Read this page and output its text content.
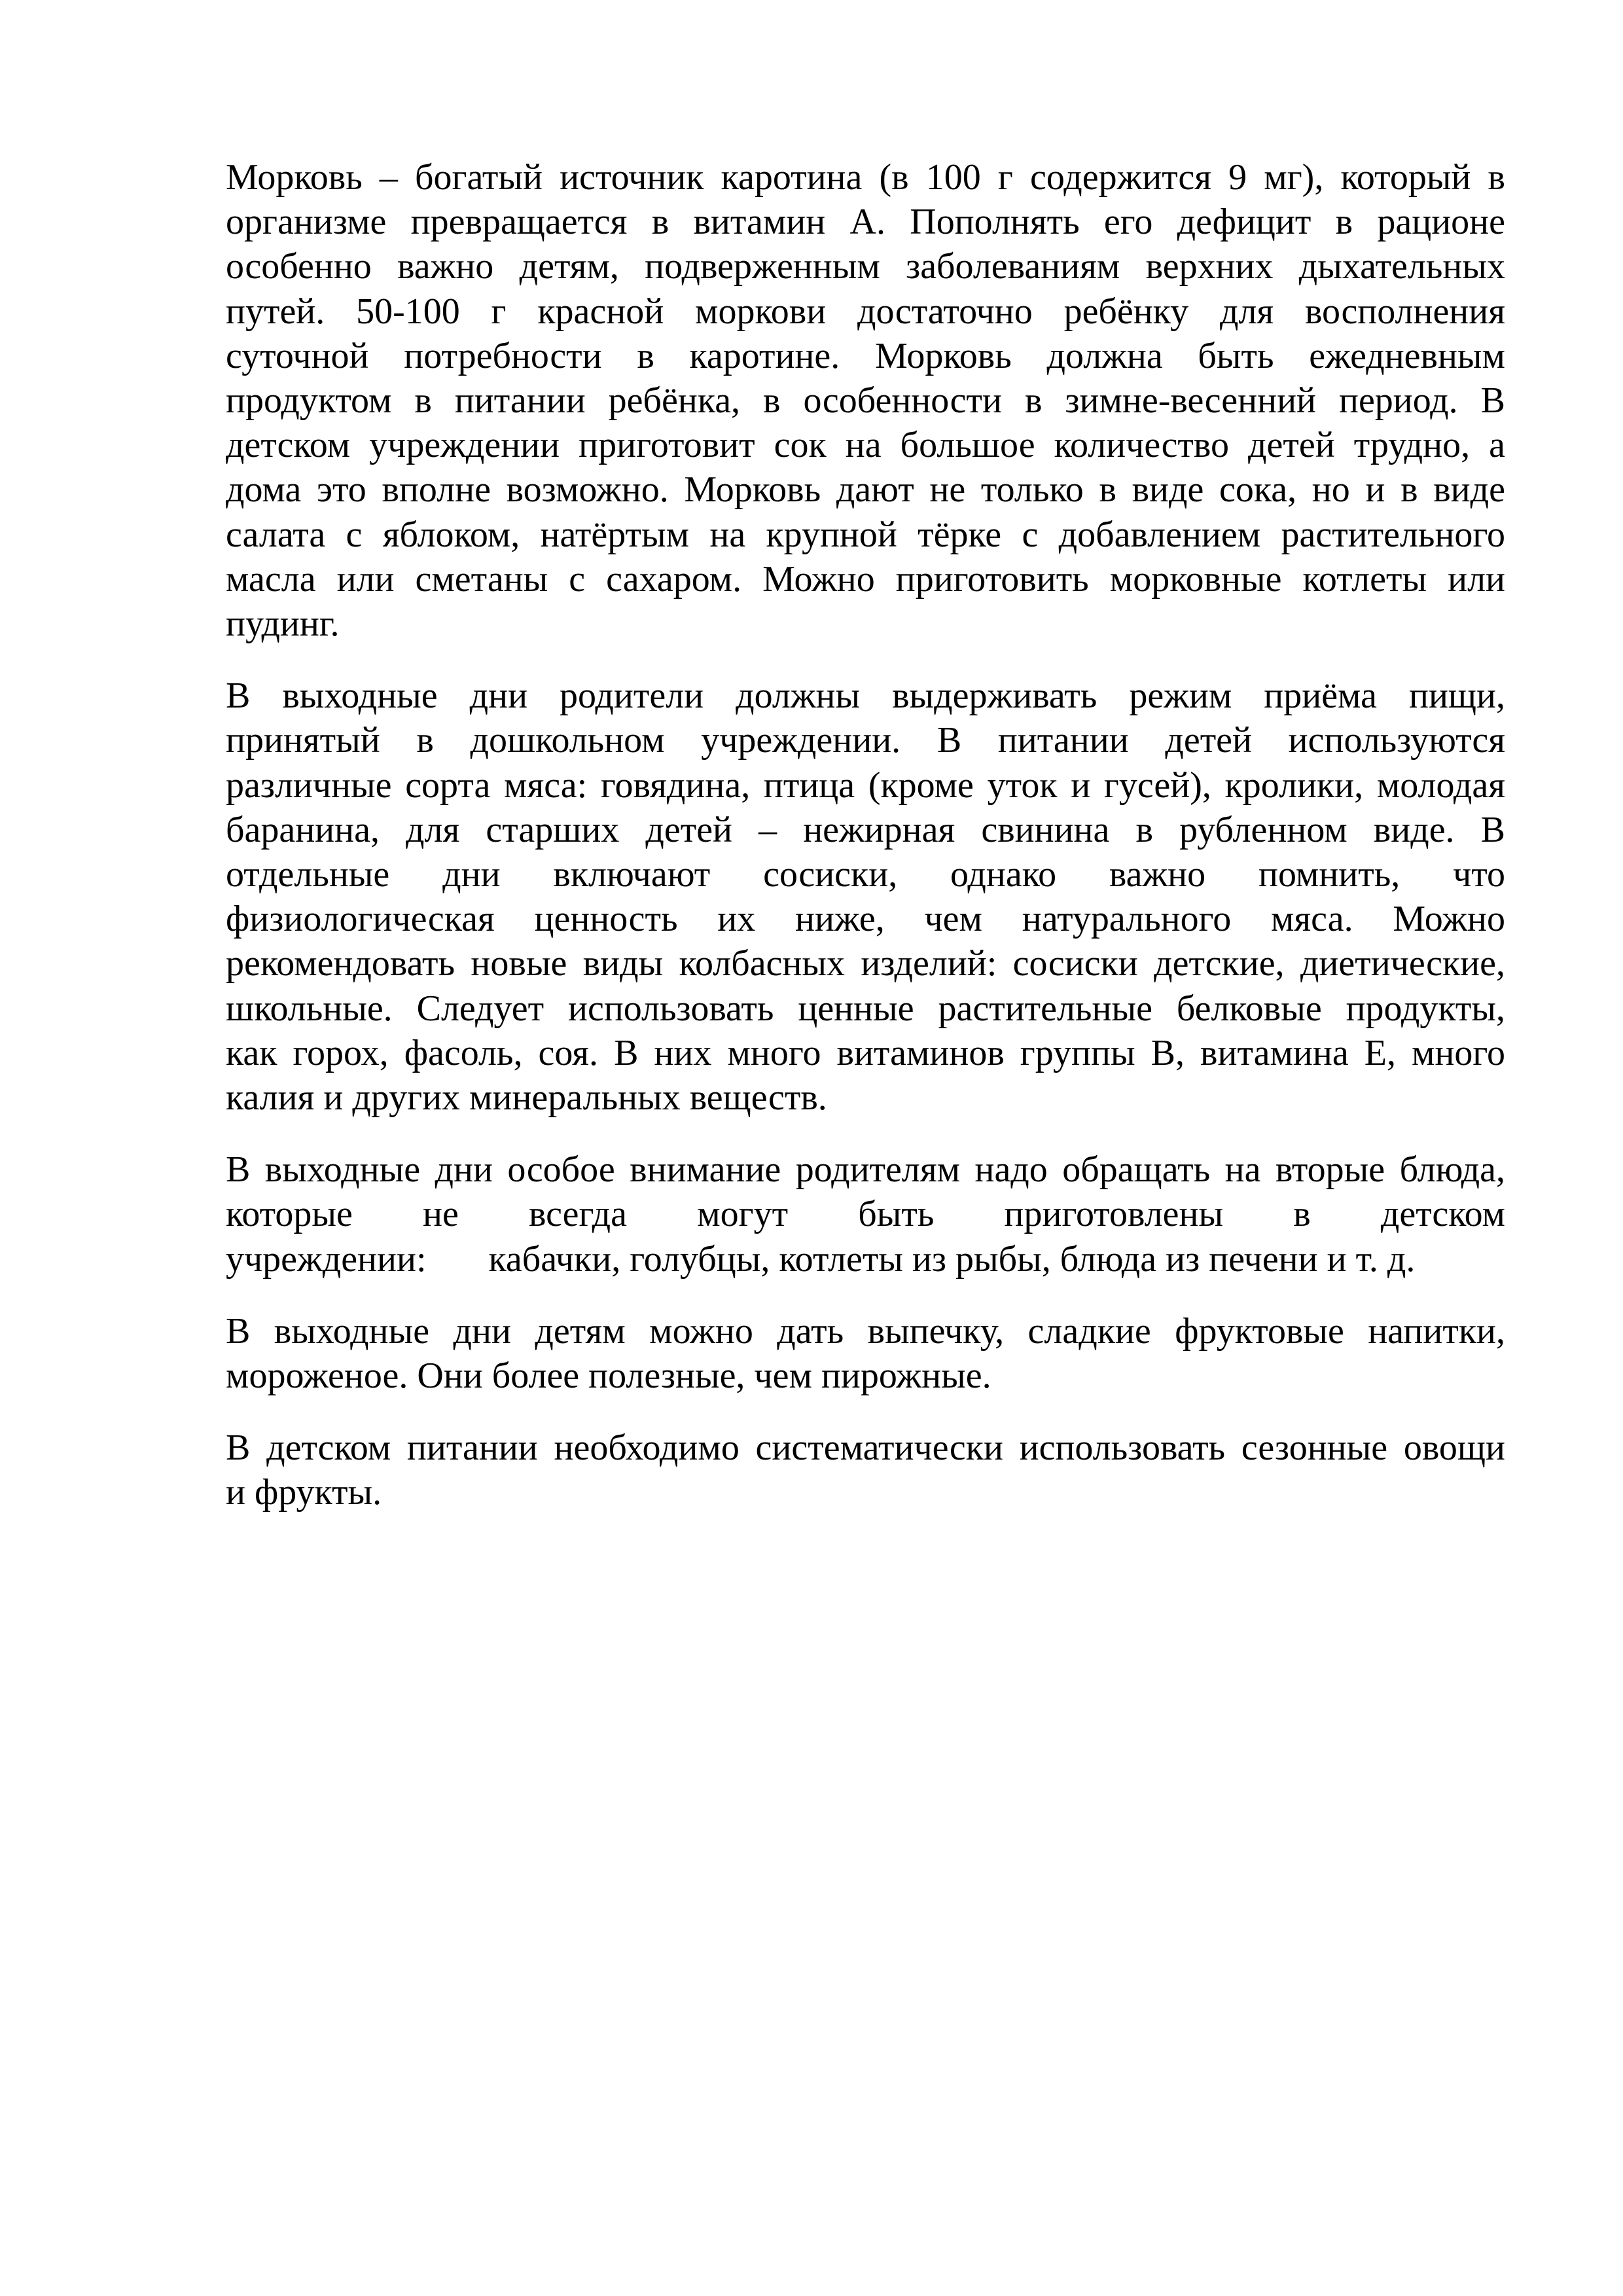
Морковь – богатый источник каротина (в 100 г содержится 9 мг), который в
организме превращается в витамин А. Пополнять его дефицит в рационе
особенно важно детям, подверженным заболеваниям верхних дыхательных
путей. 50-100 г красной моркови достаточно ребёнку для восполнения
суточной потребности в каротине. Морковь должна быть ежедневным
продуктом в питании ребёнка, в особенности в зимне-весенний период. В
детском учреждении приготовит сок на большое количество детей трудно, а
дома это вполне возможно. Морковь дают не только в виде сока, но и в виде
салата с яблоком, натёртым на крупной тёрке с добавлением растительного
масла или сметаны с сахаром. Можно приготовить морковные котлеты или
пудинг.
В выходные дни родители должны выдерживать режим приёма пищи,
принятый в дошкольном учреждении. В питании детей используются
различные сорта мяса: говядина, птица (кроме уток и гусей), кролики, молодая
баранина, для старших детей – нежирная свинина в рубленном виде. В
отдельные дни включают сосиски, однако важно помнить, что
физиологическая ценность их ниже, чем натурального мяса. Можно
рекомендовать новые виды колбасных изделий: сосиски детские, диетические,
школьные. Следует использовать ценные растительные белковые продукты,
как горох, фасоль, соя. В них много витаминов группы В, витамина Е, много
калия и других минеральных веществ.
В выходные дни особое внимание родителям надо обращать на вторые блюда,
которые не всегда могут быть приготовлены в детском
учреждении: кабачки, голубцы, котлеты из рыбы, блюда из печени и т. д.
В выходные дни детям можно дать выпечку, сладкие фруктовые напитки,
мороженое. Они более полезные, чем пирожные.
В детском питании необходимо систематически использовать сезонные овощи
и фрукты.
